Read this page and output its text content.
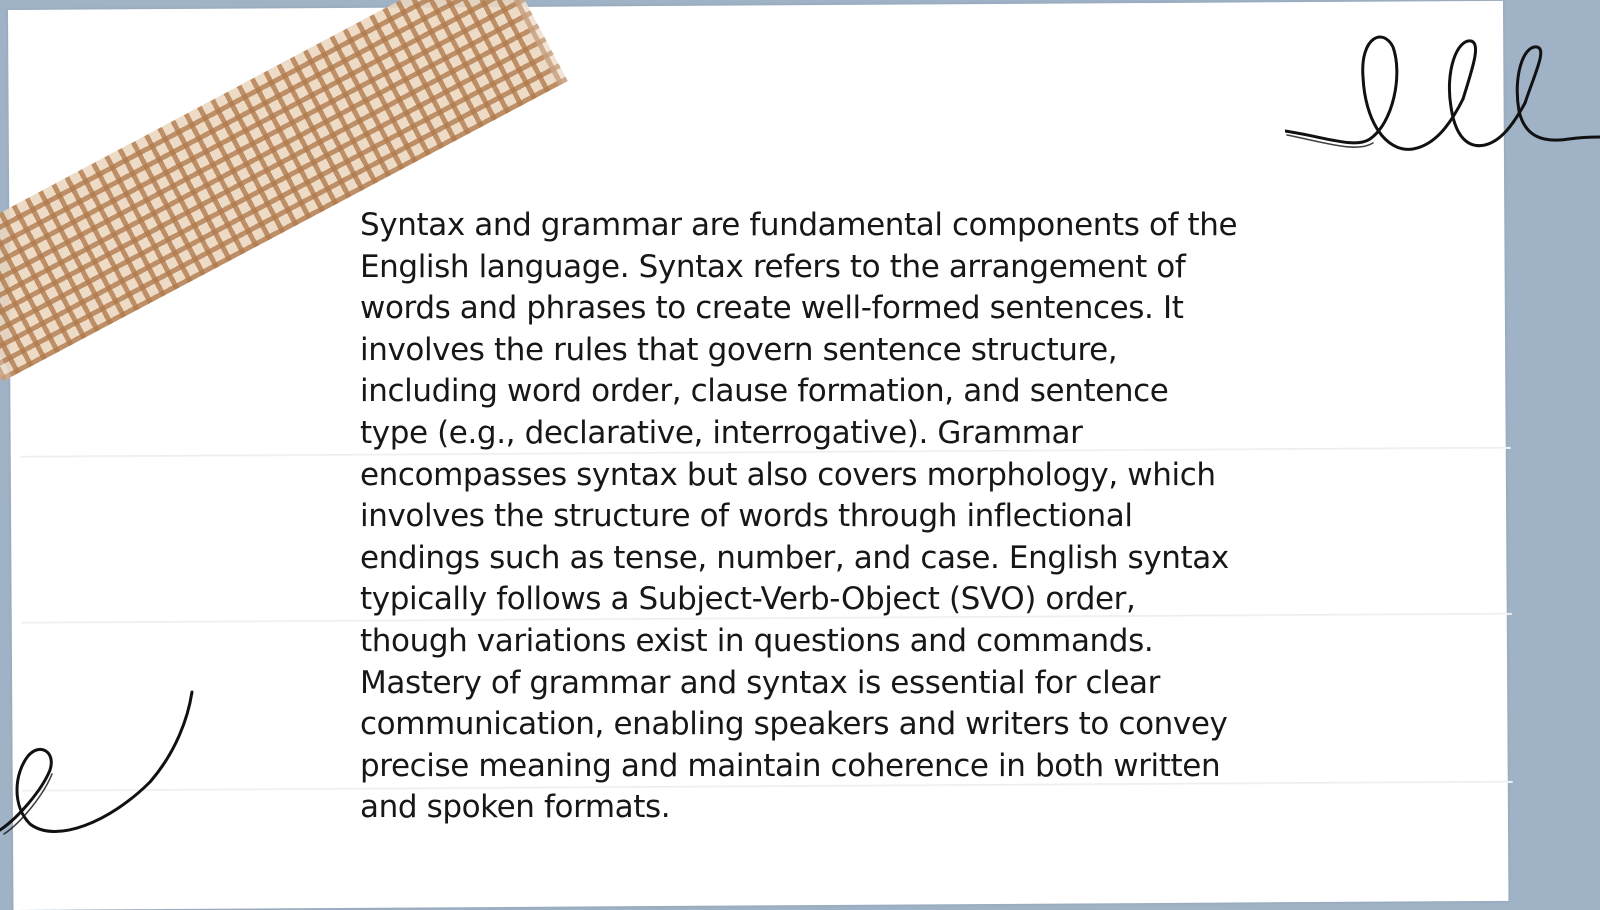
Syntax and grammar are fundamental components of the English language. Syntax refers to the arrangement of words and phrases to create well-formed sentences. It involves the rules that govern sentence structure, including word order, clause formation, and sentence type (e.g., declarative, interrogative). Grammar encompasses syntax but also covers morphology, which involves the structure of words through inflectional endings such as tense, number, and case. English syntax typically follows a Subject-Verb-Object (SVO) order, though variations exist in questions and commands. Mastery of grammar and syntax is essential for clear communication, enabling speakers and writers to convey precise meaning and maintain coherence in both written and spoken formats.
